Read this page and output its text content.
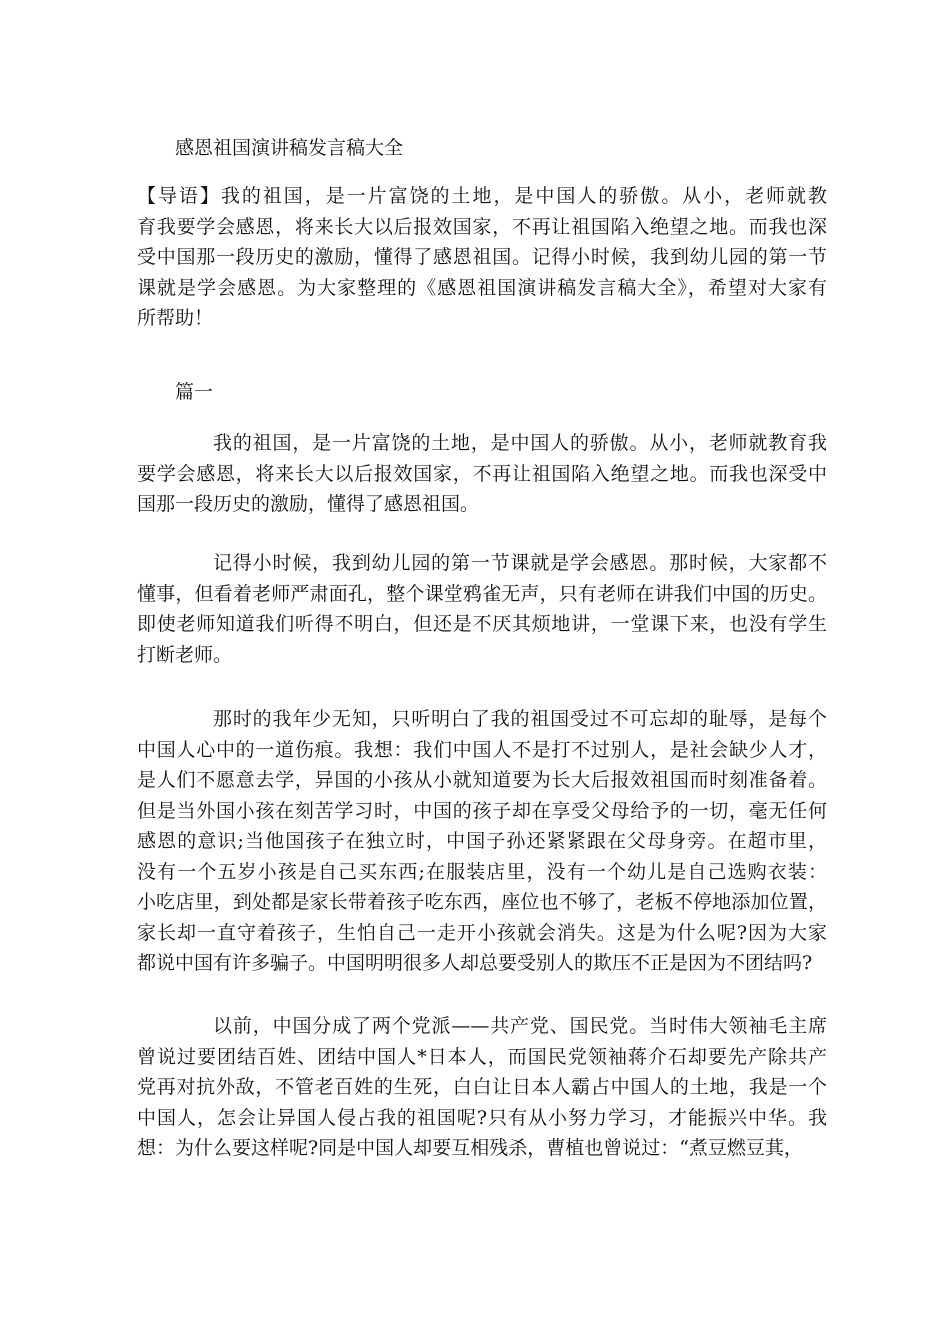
感恩祖国演讲稿发言稿大全
【导语】我的祖国，是一片富饶的土地，是中国人的骄傲。从小，老师就教
育我要学会感恩，将来长大以后报效国家，不再让祖国陷入绝望之地。而我也深
受中国那一段历史的激励，懂得了感恩祖国。记得小时候，我到幼儿园的第一节
课就是学会感恩。为大家整理的《感恩祖国演讲稿发言稿大全》，希望对大家有
所帮助！
篇一
我的祖国，是一片富饶的土地，是中国人的骄傲。从小，老师就教育我
要学会感恩，将来长大以后报效国家，不再让祖国陷入绝望之地。而我也深受中
国那一段历史的激励，懂得了感恩祖国。
记得小时候，我到幼儿园的第一节课就是学会感恩。那时候，大家都不
懂事，但看着老师严肃面孔，整个课堂鸦雀无声，只有老师在讲我们中国的历史。
即使老师知道我们听得不明白，但还是不厌其烦地讲，一堂课下来，也没有学生
打断老师。
那时的我年少无知，只听明白了我的祖国受过不可忘却的耻辱，是每个
中国人心中的一道伤痕。我想：我们中国人不是打不过别人，是社会缺少人才，
是人们不愿意去学，异国的小孩从小就知道要为长大后报效祖国而时刻准备着。
但是当外国小孩在刻苦学习时，中国的孩子却在享受父母给予的一切，毫无任何
感恩的意识;当他国孩子在独立时，中国子孙还紧紧跟在父母身旁。在超市里，
没有一个五岁小孩是自己买东西;在服装店里，没有一个幼儿是自己选购衣装：
小吃店里，到处都是家长带着孩子吃东西，座位也不够了，老板不停地添加位置，
家长却一直守着孩子，生怕自己一走开小孩就会消失。这是为什么呢?因为大家
都说中国有许多骗子。中国明明很多人却总要受别人的欺压不正是因为不团结吗?
以前，中国分成了两个党派——共产党、国民党。当时伟大领袖毛主席
曾说过要团结百姓、团结中国人*日本人，而国民党领袖蒋介石却要先产除共产
党再对抗外敌，不管老百姓的生死，白白让日本人霸占中国人的土地，我是一个
中国人，怎会让异国人侵占我的祖国呢?只有从小努力学习，才能振兴中华。我
想：为什么要这样呢?同是中国人却要互相残杀，曹植也曾说过：“煮豆燃豆萁，
